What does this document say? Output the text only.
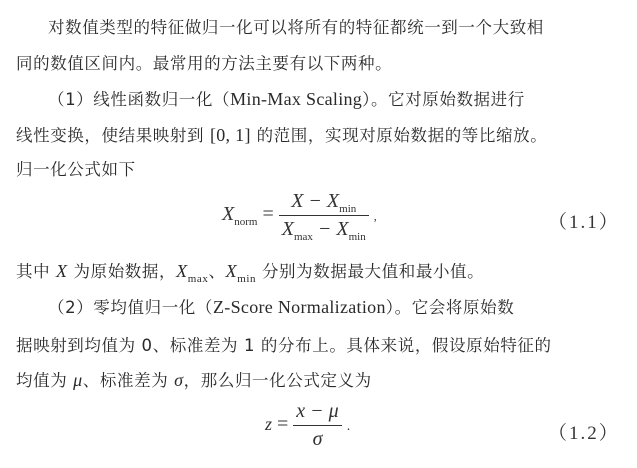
对数值类型的特征做归一化可以将所有的特征都统一到一个大致相
同的数值区间内。最常用的方法主要有以下两种。
（1）线性函数归一化（Min-Max Scaling）。它对原始数据进行
线性变换，使结果映射到 [0, 1] 的范围，实现对原始数据的等比缩放。
归一化公式如下
$X_{norm} = \frac{X - X_{min}}{X_{max} - X_{min}}$ ,	（1.1）
其中 X 为原始数据，$X_{max}$、$X_{min}$ 分别为数据最大值和最小值。
（2）零均值归一化（Z-Score Normalization）。它会将原始数
据映射到均值为 0、标准差为 1 的分布上。具体来说，假设原始特征的
均值为 μ、标准差为 σ，那么归一化公式定义为
$z = \frac{x - \mu}{\sigma}$ .	（1.2）
